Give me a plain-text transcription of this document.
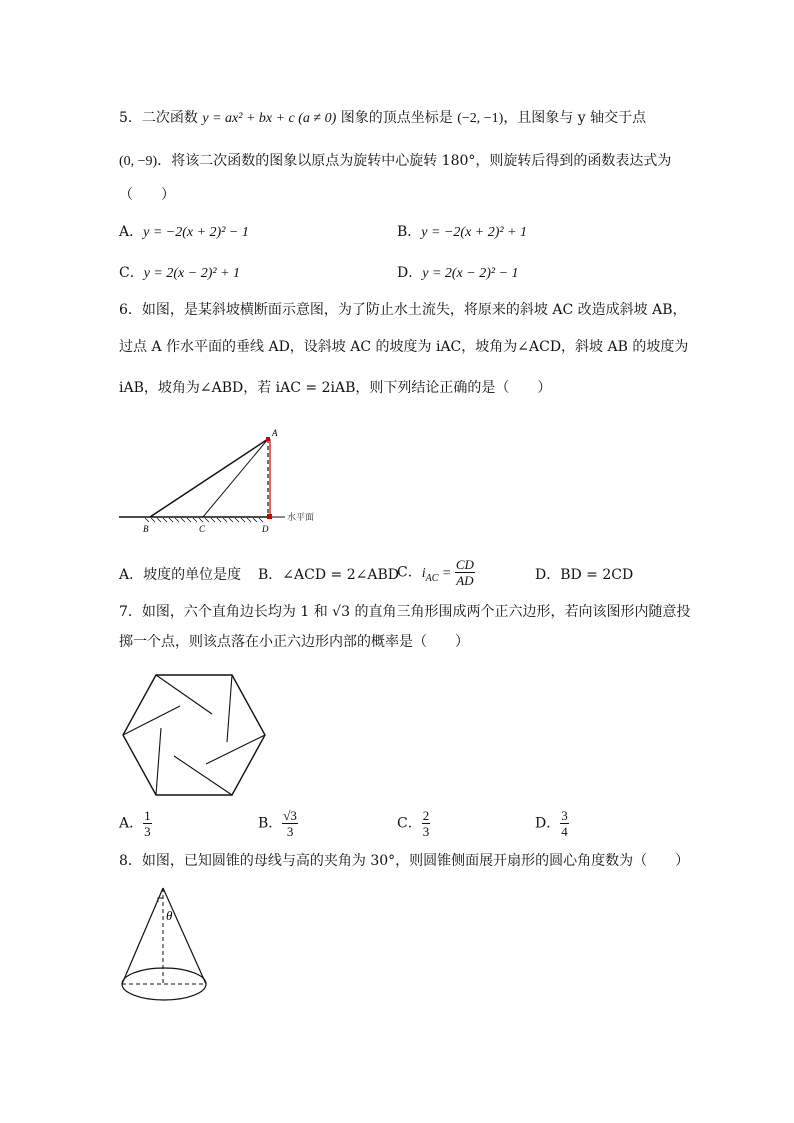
5．二次函数 y = ax² + bx + c (a ≠ 0) 图象的顶点坐标是 (−2, −1)，且图象与 y 轴交于点
(0, −9)．将该二次函数的图象以原点为旋转中心旋转 180°，则旋转后得到的函数表达式为
（　　）
A．y = −2(x + 2)² − 1	B．y = −2(x + 2)² + 1
C．y = 2(x − 2)² + 1	D．y = 2(x − 2)² − 1
6．如图，是某斜坡横断面示意图，为了防止水土流失，将原来的斜坡 AC 改造成斜坡 AB，
过点 A 作水平面的垂线 AD，设斜坡 AC 的坡度为 iAC，坡角为∠ACD，斜坡 AB 的坡度为
iAB，坡角为∠ABD，若 iAC = 2iAB，则下列结论正确的是（　　）
A
B	C	D
水平面
A．坡度的单位是度 B．∠ACD = 2∠ABD
C．$i_{AC} = \frac{CD}{AD}$	D．BD = 2CD
7．如图，六个直角边长均为 1 和 √3 的直角三角形围成两个正六边形，若向该图形内随意投
掷一个点，则该点落在小正六边形内部的概率是（　　）
A． $\frac{1}{3}$	B． $\frac{√3}{3}$	C． $\frac{2}{3}$	D． $\frac{3}{4}$
8．如图，已知圆锥的母线与高的夹角为 30°，则圆锥侧面展开扇形的圆心角度数为（　　）
θ
